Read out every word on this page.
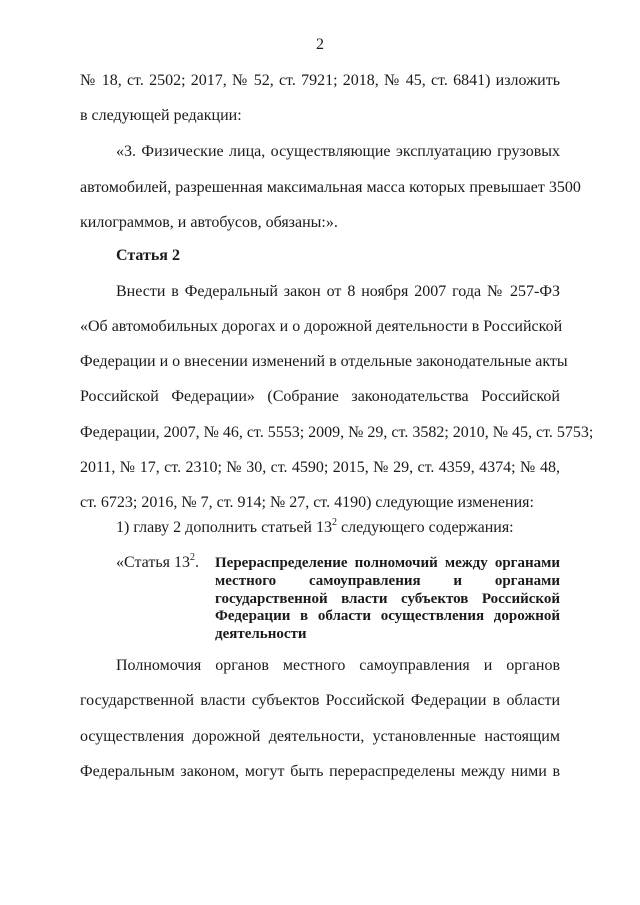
2
№ 18, ст. 2502; 2017, № 52, ст. 7921; 2018, № 45, ст. 6841) изложить
в следующей редакции:
«3. Физические лица, осуществляющие эксплуатацию грузовых
автомобилей, разрешенная максимальная масса которых превышает 3500
килограммов, и автобусов, обязаны:».
Статья 2
Внести в Федеральный закон от 8 ноября 2007 года № 257-ФЗ
«Об автомобильных дорогах и о дорожной деятельности в Российской
Федерации и о внесении изменений в отдельные законодательные акты
Российской Федерации» (Собрание законодательства Российской
Федерации, 2007, № 46, ст. 5553; 2009, № 29, ст. 3582; 2010, № 45, ст. 5753;
2011, № 17, ст. 2310; № 30, ст. 4590; 2015, № 29, ст. 4359, 4374; № 48,
ст. 6723; 2016, № 7, ст. 914; № 27, ст. 4190) следующие изменения:
1) главу 2 дополнить статьей $13^2$ следующего содержания:
«Статья $13^2$. Перераспределение полномочий между органами
местного самоуправления и органами
государственной власти субъектов Российской
Федерации в области осуществления дорожной
деятельности
Полномочия органов местного самоуправления и органов
государственной власти субъектов Российской Федерации в области
осуществления дорожной деятельности, установленные настоящим
Федеральным законом, могут быть перераспределены между ними в
